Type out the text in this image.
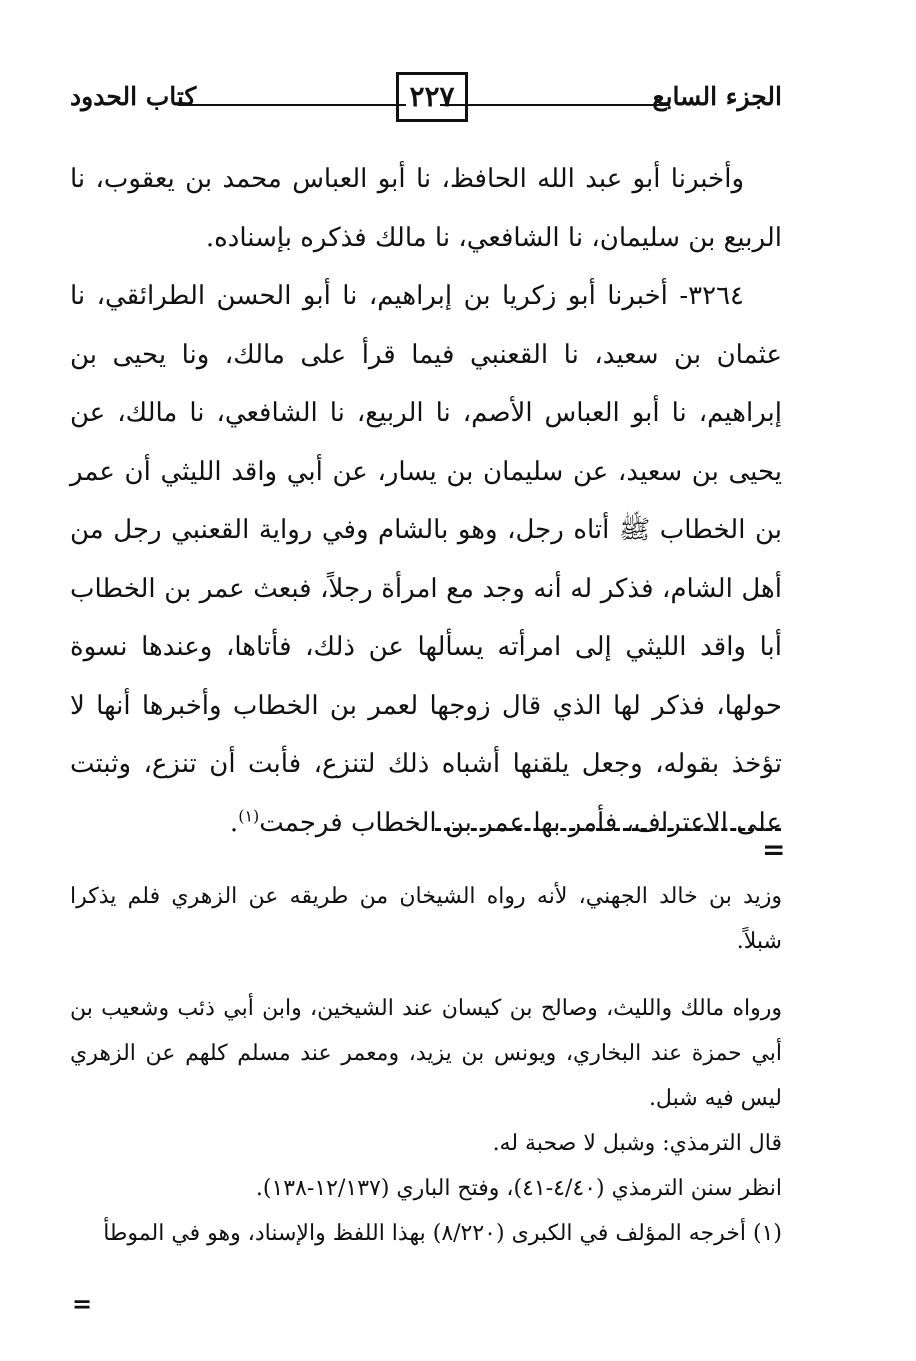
الجزء السابع
٢٢٧
كتاب الحدود

وأخبرنا أبو عبد الله الحافظ، نا أبو العباس محمد بن يعقوب، نا الربيع بن سليمان، نا الشافعي، نا مالك فذكره بإسناده.

٣٢٦٤- أخبرنا أبو زكريا بن إبراهيم، نا أبو الحسن الطرائقي، نا عثمان بن سعيد، نا القعنبي فيما قرأ على مالك، ونا يحيى بن إبراهيم، نا أبو العباس الأصم، نا الربيع، نا الشافعي، نا مالك، عن يحيى بن سعيد، عن سليمان بن يسار، عن أبي واقد الليثي أن عمر بن الخطاب ﷺ أتاه رجل، وهو بالشام وفي رواية القعنبي رجل من أهل الشام، فذكر له أنه وجد مع امرأة رجلاً، فبعث عمر بن الخطاب أبا واقد الليثي إلى امرأته يسألها عن ذلك، فأتاها، وعندها نسوة حولها، فذكر لها الذي قال زوجها لعمر بن الخطاب وأخبرها أنها لا تؤخذ بقوله، وجعل يلقنها أشباه ذلك لتنزع، فأبت أن تنزع، وثبتت على الاعتراف، فأمر بها عمر بن الخطاب فرجمت$^{(١)}$.

=

وزيد بن خالد الجهني، لأنه رواه الشيخان من طريقه عن الزهري فلم يذكرا شبلاً.

ورواه مالك والليث، وصالح بن كيسان عند الشيخين، وابن أبي ذئب وشعيب بن أبي حمزة عند البخاري، ويونس بن يزيد، ومعمر عند مسلم كلهم عن الزهري ليس فيه شبل.

قال الترمذي: وشبل لا صحبة له.

انظر سنن الترمذي (٤/٤٠-٤١)، وفتح الباري (١٢/١٣٧-١٣٨).

(١) أخرجه المؤلف في الكبرى (٨/٢٢٠) بهذا اللفظ والإسناد، وهو في الموطأ

=
